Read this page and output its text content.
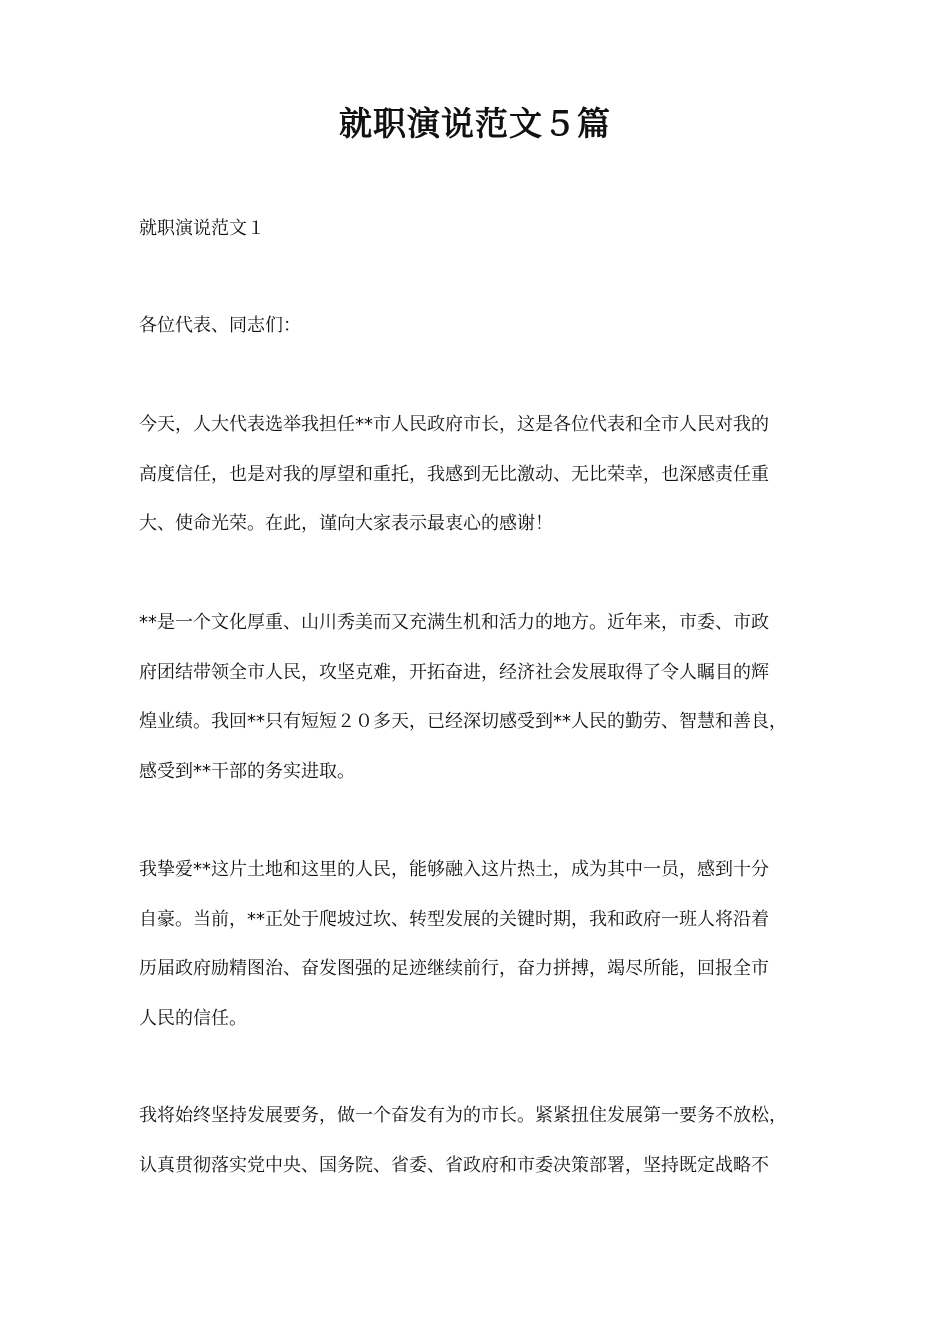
就职演说范文５篇
就职演说范文１
各位代表、同志们：
今天，人大代表选举我担任**市人民政府市长，这是各位代表和全市人民对我的
高度信任，也是对我的厚望和重托，我感到无比激动、无比荣幸，也深感责任重
大、使命光荣。在此，谨向大家表示最衷心的感谢！
**是一个文化厚重、山川秀美而又充满生机和活力的地方。近年来，市委、市政
府团结带领全市人民，攻坚克难，开拓奋进，经济社会发展取得了令人瞩目的辉
煌业绩。我回**只有短短２０多天，已经深切感受到**人民的勤劳、智慧和善良，
感受到**干部的务实进取。
我挚爱**这片土地和这里的人民，能够融入这片热土，成为其中一员，感到十分
自豪。当前，**正处于爬坡过坎、转型发展的关键时期，我和政府一班人将沿着
历届政府励精图治、奋发图强的足迹继续前行，奋力拼搏，竭尽所能，回报全市
人民的信任。
我将始终坚持发展要务，做一个奋发有为的市长。紧紧扭住发展第一要务不放松，
认真贯彻落实党中央、国务院、省委、省政府和市委决策部署，坚持既定战略不
